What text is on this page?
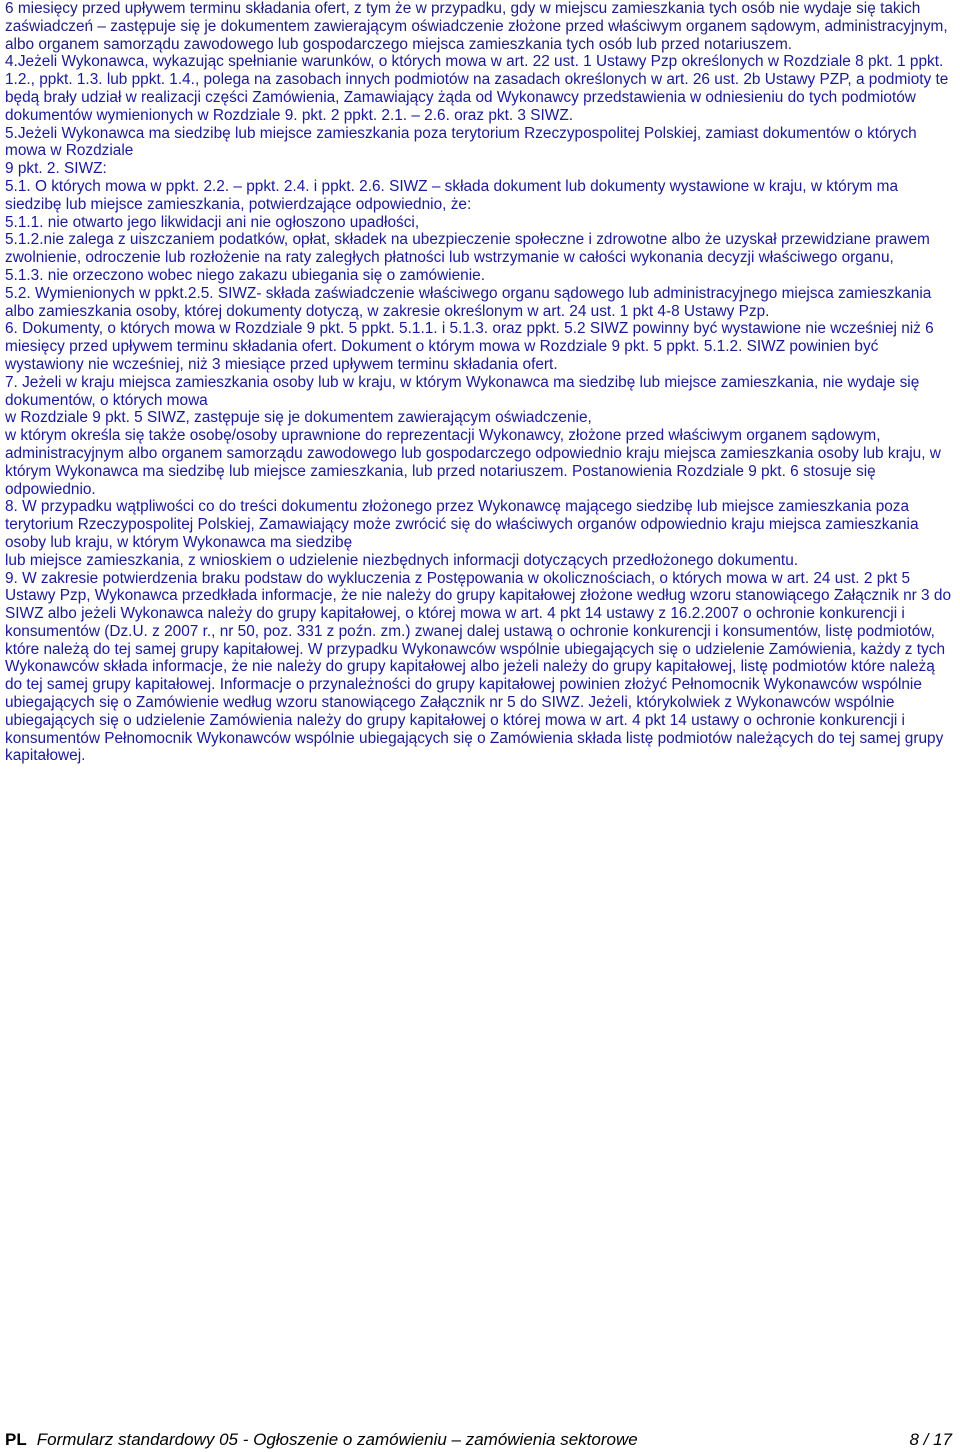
6 miesięcy przed upływem terminu składania ofert, z tym że w przypadku, gdy w miejscu zamieszkania tych osób nie wydaje się takich zaświadczeń – zastępuje się je dokumentem zawierającym oświadczenie złożone przed właściwym organem sądowym, administracyjnym, albo organem samorządu zawodowego lub gospodarczego miejsca zamieszkania tych osób lub przed notariuszem.

4.Jeżeli Wykonawca, wykazując spełnianie warunków, o których mowa w art. 22 ust. 1 Ustawy Pzp określonych w Rozdziale 8 pkt. 1 ppkt. 1.2., ppkt. 1.3. lub ppkt. 1.4., polega na zasobach innych podmiotów na zasadach określonych w art. 26 ust. 2b Ustawy PZP, a podmioty te będą brały udział w realizacji części Zamówienia, Zamawiający żąda od Wykonawcy przedstawienia w odniesieniu do tych podmiotów dokumentów wymienionych w Rozdziale 9. pkt. 2 ppkt. 2.1. – 2.6. oraz pkt. 3 SIWZ.

5.Jeżeli Wykonawca ma siedzibę lub miejsce zamieszkania poza terytorium Rzeczypospolitej Polskiej, zamiast dokumentów o których mowa w Rozdziale

9 pkt. 2. SIWZ:

5.1. O których mowa w ppkt. 2.2. – ppkt. 2.4. i ppkt. 2.6. SIWZ – składa dokument lub dokumenty wystawione w kraju, w którym ma siedzibę lub miejsce zamieszkania, potwierdzające odpowiednio, że:

5.1.1. nie otwarto jego likwidacji ani nie ogłoszono upadłości,

5.1.2.nie zalega z uiszczaniem podatków, opłat, składek na ubezpieczenie społeczne i zdrowotne albo że uzyskał przewidziane prawem zwolnienie, odroczenie lub rozłożenie na raty zaległych płatności lub wstrzymanie w całości wykonania decyzji właściwego organu,

5.1.3. nie orzeczono wobec niego zakazu ubiegania się o zamówienie.

5.2. Wymienionych w ppkt.2.5. SIWZ- składa zaświadczenie właściwego organu sądowego lub administracyjnego miejsca zamieszkania albo zamieszkania osoby, której dokumenty dotyczą, w zakresie określonym w art. 24 ust. 1 pkt 4-8 Ustawy Pzp.

6. Dokumenty, o których mowa w Rozdziale 9 pkt. 5 ppkt. 5.1.1. i 5.1.3. oraz ppkt. 5.2 SIWZ powinny być wystawione nie wcześniej niż 6 miesięcy przed upływem terminu składania ofert. Dokument o którym mowa w Rozdziale 9 pkt. 5 ppkt. 5.1.2. SIWZ powinien być wystawiony nie wcześniej, niż 3 miesiące przed upływem terminu składania ofert.

7. Jeżeli w kraju miejsca zamieszkania osoby lub w kraju, w którym Wykonawca ma siedzibę lub miejsce zamieszkania, nie wydaje się dokumentów, o których mowa

w Rozdziale 9 pkt. 5 SIWZ, zastępuje się je dokumentem zawierającym oświadczenie,

w którym określa się także osobę/osoby uprawnione do reprezentacji Wykonawcy, złożone przed właściwym organem sądowym, administracyjnym albo organem samorządu zawodowego lub gospodarczego odpowiednio kraju miejsca zamieszkania osoby lub kraju, w którym Wykonawca ma siedzibę lub miejsce zamieszkania, lub przed notariuszem. Postanowienia Rozdziale 9 pkt. 6 stosuje się odpowiednio.

8. W przypadku wątpliwości co do treści dokumentu złożonego przez Wykonawcę mającego siedzibę lub miejsce zamieszkania poza terytorium Rzeczypospolitej Polskiej, Zamawiający może zwrócić się do właściwych organów odpowiednio kraju miejsca zamieszkania osoby lub kraju, w którym Wykonawca ma siedzibę

lub miejsce zamieszkania, z wnioskiem o udzielenie niezbędnych informacji dotyczących przedłożonego dokumentu.

9. W zakresie potwierdzenia braku podstaw do wykluczenia z Postępowania w okolicznościach, o których mowa w art. 24 ust. 2 pkt 5 Ustawy Pzp, Wykonawca przedkłada informacje, że nie należy do grupy kapitałowej złożone według wzoru stanowiącego Załącznik nr 3 do SIWZ albo jeżeli Wykonawca należy do grupy kapitałowej, o której mowa w art. 4 pkt 14 ustawy z 16.2.2007 o ochronie konkurencji i konsumentów (Dz.U. z 2007 r., nr 50, poz. 331 z poźn. zm.) zwanej dalej ustawą o ochronie konkurencji i konsumentów, listę podmiotów, które należą do tej samej grupy kapitałowej. W przypadku Wykonawców wspólnie ubiegających się o udzielenie Zamówienia, każdy z tych Wykonawców składa informacje, że nie należy do grupy kapitałowej albo jeżeli należy do grupy kapitałowej, listę podmiotów które należą do tej samej grupy kapitałowej. Informacje o przynależności do grupy kapitałowej powinien złożyć Pełnomocnik Wykonawców wspólnie ubiegających się o Zamówienie według wzoru stanowiącego Załącznik nr 5 do SIWZ. Jeżeli, którykolwiek z Wykonawców wspólnie ubiegających się o udzielenie Zamówienia należy do grupy kapitałowej o której mowa w art. 4 pkt 14 ustawy o ochronie konkurencji i konsumentów Pełnomocnik Wykonawców wspólnie ubiegających się o Zamówienia składa listę podmiotów należących do tej samej grupy kapitałowej.

PL Formularz standardowy 05 - Ogłoszenie o zamówieniu – zamówienia sektorowe	8 / 17
